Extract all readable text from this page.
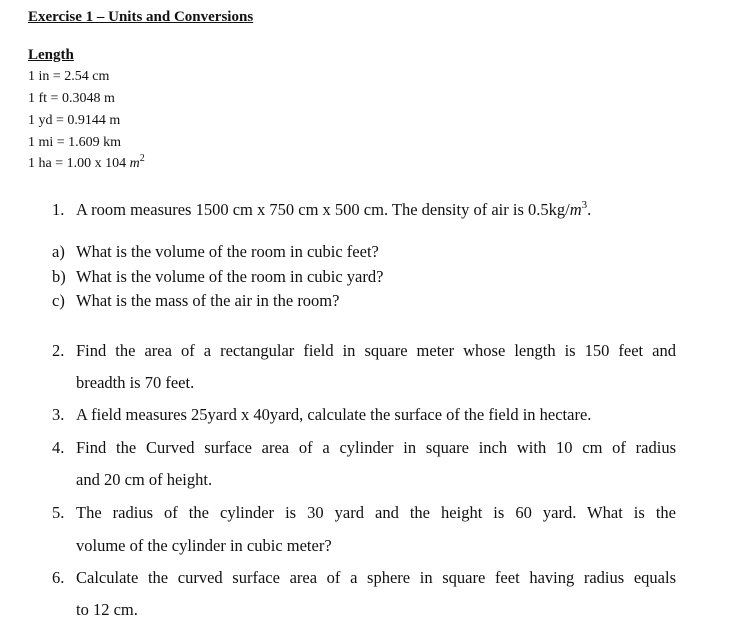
Exercise 1 – Units and Conversions
Length
1 in = 2.54 cm
1 ft = 0.3048 m
1 yd = 0.9144 m
1 mi = 1.609 km
1 ha = 1.00 x 104 $m^2$
1. A room measures 1500 cm x 750 cm x 500 cm. The density of air is $0.5kg/m^3$.
a) What is the volume of the room in cubic feet?
b) What is the volume of the room in cubic yard?
c) What is the mass of the air in the room?
2. Find the area of a rectangular field in square meter whose length is 150 feet and
breadth is 70 feet.
3. A field measures 25yard x 40yard, calculate the surface of the field in hectare.
4. Find the Curved surface area of a cylinder in square inch with 10 cm of radius
and 20 cm of height.
5. The radius of the cylinder is 30 yard and the height is 60 yard. What is the
volume of the cylinder in cubic meter?
6. Calculate the curved surface area of a sphere in square feet having radius equals
to 12 cm.
